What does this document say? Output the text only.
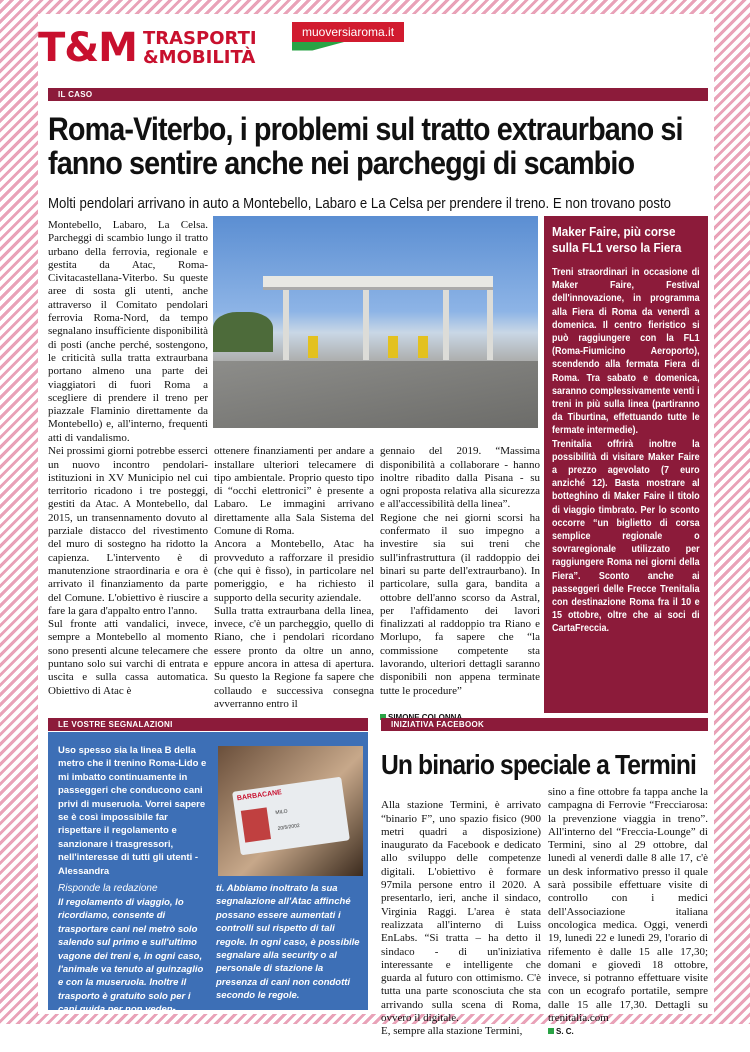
T&M TRASPORTI
&MOBILITÀ
muoversiaroma.it
IL CASO
Roma-Viterbo, i problemi sul tratto extraurbano si fanno sentire anche nei parcheggi di scambio
Molti pendolari arrivano in auto a Montebello, Labaro e La Celsa per prendere il treno. E non trovano posto

Montebello, Labaro, La Celsa. Parcheggi di scambio lungo il tratto urbano della ferrovia, regionale e gestita da Atac, Roma-Civitacastellana-Viterbo. Su queste aree di sosta gli utenti, anche attraverso il Comitato pendolari ferrovia Roma-Nord, da tempo segnalano insufficiente disponibilità di posti (anche perché, sostengono, le criticità sulla tratta extraurbana portano almeno una parte dei viaggiatori di fuori Roma a scegliere di prendere il treno per piazzale Flaminio direttamente da Montebello) e, all'interno, frequenti atti di vandalismo.

Nei prossimi giorni potrebbe esserci un nuovo incontro pendolari-istituzioni in XV Municipio nel cui territorio ricadono i tre posteggi, gestiti da Atac. A Montebello, dal 2015, un transennamento dovuto al parziale distacco del rivestimento del muro di sostegno ha ridotto la capienza. L'intervento è di manutenzione straordinaria e ora è arrivato il finanziamento da parte del Comune. L'obiettivo è riuscire a fare la gara d'appalto entro l'anno.
Sul fronte atti vandalici, invece, sempre a Montebello al momento sono presenti alcune telecamere che puntano solo sui varchi di entrata e uscita e sulla cassa automatica. Obiettivo di Atac è

ottenere finanziamenti per andare a installare ulteriori telecamere di tipo ambientale. Proprio questo tipo di “occhi elettronici” è presente a Labaro. Le immagini arrivano direttamente alla Sala Sistema del Comune di Roma.
Ancora a Montebello, Atac ha provveduto a rafforzare il presidio (che qui è fisso), in particolare nel pomeriggio, e ha richiesto il supporto della security aziendale.
Sulla tratta extraurbana della linea, invece, c'è un parcheggio, quello di Riano, che i pendolari ricordano essere pronto da oltre un anno, eppure ancora in attesa di apertura. Su questo la Regione fa sapere che collaudo e successiva consegna avverranno entro il

gennaio del 2019. “Massima disponibilità a collaborare - hanno inoltre ribadito dalla Pisana - su ogni proposta relativa alla sicurezza e all'accessibilità della linea”.
Regione che nei giorni scorsi ha confermato il suo impegno a investire sia sui treni che sull'infrastruttura (il raddoppio dei binari su parte dell'extraurbano). In particolare, sulla gara, bandita a ottobre dell'anno scorso da Astral, per l'affidamento dei lavori finalizzati al raddoppio tra Riano e Morlupo, fa sapere che “la commissione competente sta lavorando, ulteriori dettagli saranno disponibili non appena terminate tutte le procedure”

Maker Faire, più corse sulla FL1 verso la Fiera
Treni straordinari in occasione di Maker Faire, Festival dell'innovazione, in programma alla Fiera di Roma da venerdì a domenica. Il centro fieristico si può raggiungere con la FL1 (Roma-Fiumicino Aeroporto), scendendo alla fermata Fiera di Roma. Tra sabato e domenica, saranno complessivamente venti i treni in più sulla linea (partiranno da Tiburtina, effettuando tutte le fermate intermedie).
Trenitalia offrirà inoltre la possibilità di visitare Maker Faire a prezzo agevolato (7 euro anziché 12). Basta mostrare al botteghino di Maker Faire il titolo di viaggio timbrato. Per lo sconto occorre “un biglietto di corsa semplice regionale o sovraregionale utilizzato per raggiungere Roma nei giorni della Fiera”. Sconto anche ai passeggeri delle Frecce Trenitalia con destinazione Roma fra il 10 e 15 ottobre, oltre che ai soci di CartaFreccia.
LE VOSTRE SEGNALAZIONI
Uso spesso sia la linea B della metro che il trenino Roma-Lido e mi imbatto continuamente in passeggeri che conducono cani privi di museruola. Vorrei sapere se è così impossibile far rispettare il regolamento e sanzionare i trasgressori, nell'interesse di tutti gli utenti - Alessandra
BARBACANE
MILO
20/5/2002
Risponde la redazione
Il regolamento di viaggio, lo ricordiamo, consente di trasportare cani nel metrò solo salendo sul primo e sull'ultimo vagone dei treni e, in ogni caso, l'animale va tenuto al guinzaglio e con la museruola. Inoltre il trasporto è gratuito solo per i cani guida per non veden-
ti. Abbiamo inoltrato la sua segnalazione all'Atac affinché possano essere aumentati i controlli sul rispetto di tali regole. In ogni caso, è possibile segnalare alla security o al personale di stazione la presenza di cani non condotti secondo le regole.
INIZIATIVA FACEBOOK
Un binario speciale a Termini

Alla stazione Termini, è arrivato “binario F”, uno spazio fisico (900 metri quadri a disposizione) inaugurato da Facebook e dedicato allo sviluppo delle competenze digitali. L'obiettivo è formare 97mila persone entro il 2020. A presentarlo, ieri, anche il sindaco, Virginia Raggi. L'area è stata realizzata all'interno di Luiss EnLabs. “Si tratta – ha detto il sindaco - di un'iniziativa interessante e intelligente che guarda al futuro con ottimismo. C'è tutta una parte sconosciuta che sta arrivando sulla scena di Roma, ovvero il digitale.
E, sempre alla stazione Termini,

sino a fine ottobre fa tappa anche la campagna di Ferrovie “Frecciarosa: la prevenzione viaggia in treno”. All'interno del “Freccia-Lounge” di Termini, sino al 29 ottobre, dal lunedì al venerdì dalle 8 alle 17, c'è un desk informativo presso il quale sarà possibile effettuare visite di controllo con i medici dell'Associazione italiana oncologica medica. Oggi, venerdì 19, lunedì 22 e lunedì 29, l'orario di rifemento è dalle 15 alle 17,30; domani e giovedì 18 ottobre, invece, si potranno effettuare visite con un ecografo portatile, sempre dalle 15 alle 17,30. Dettagli su trenitalia.com

S. C.
